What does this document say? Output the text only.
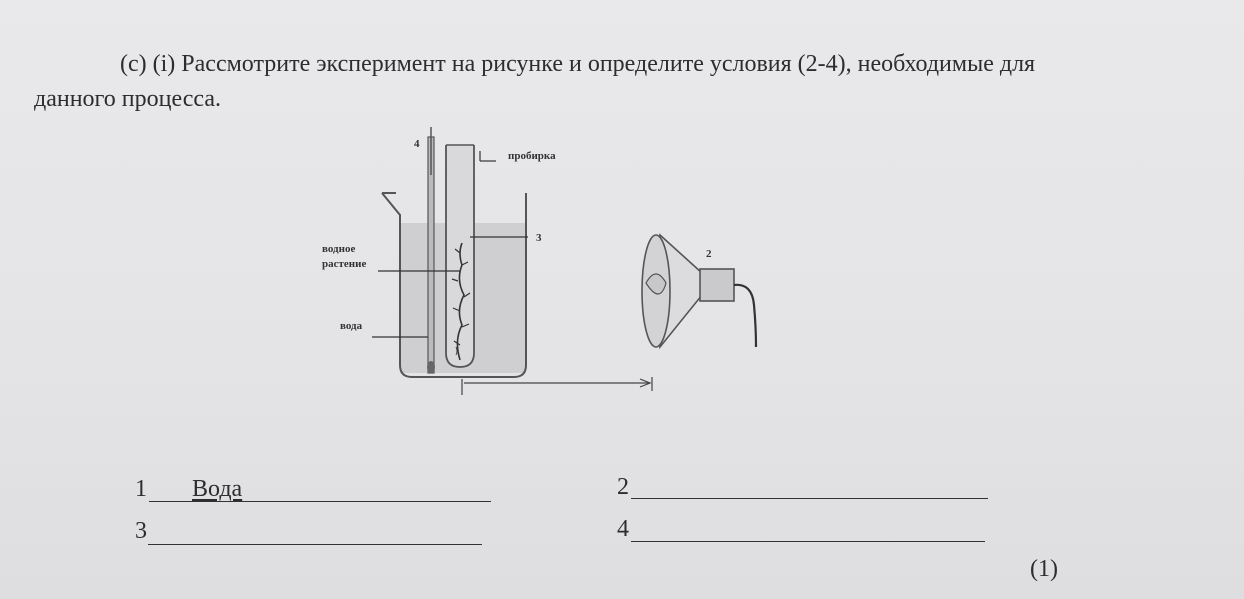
(c) (i) Рассмотрите эксперимент на рисунке и определите условия (2-4), необходимые для
данного процесса.
4
пробирка
3
водное
растение
вода
2
1 Вода	2
3	4
(1)
